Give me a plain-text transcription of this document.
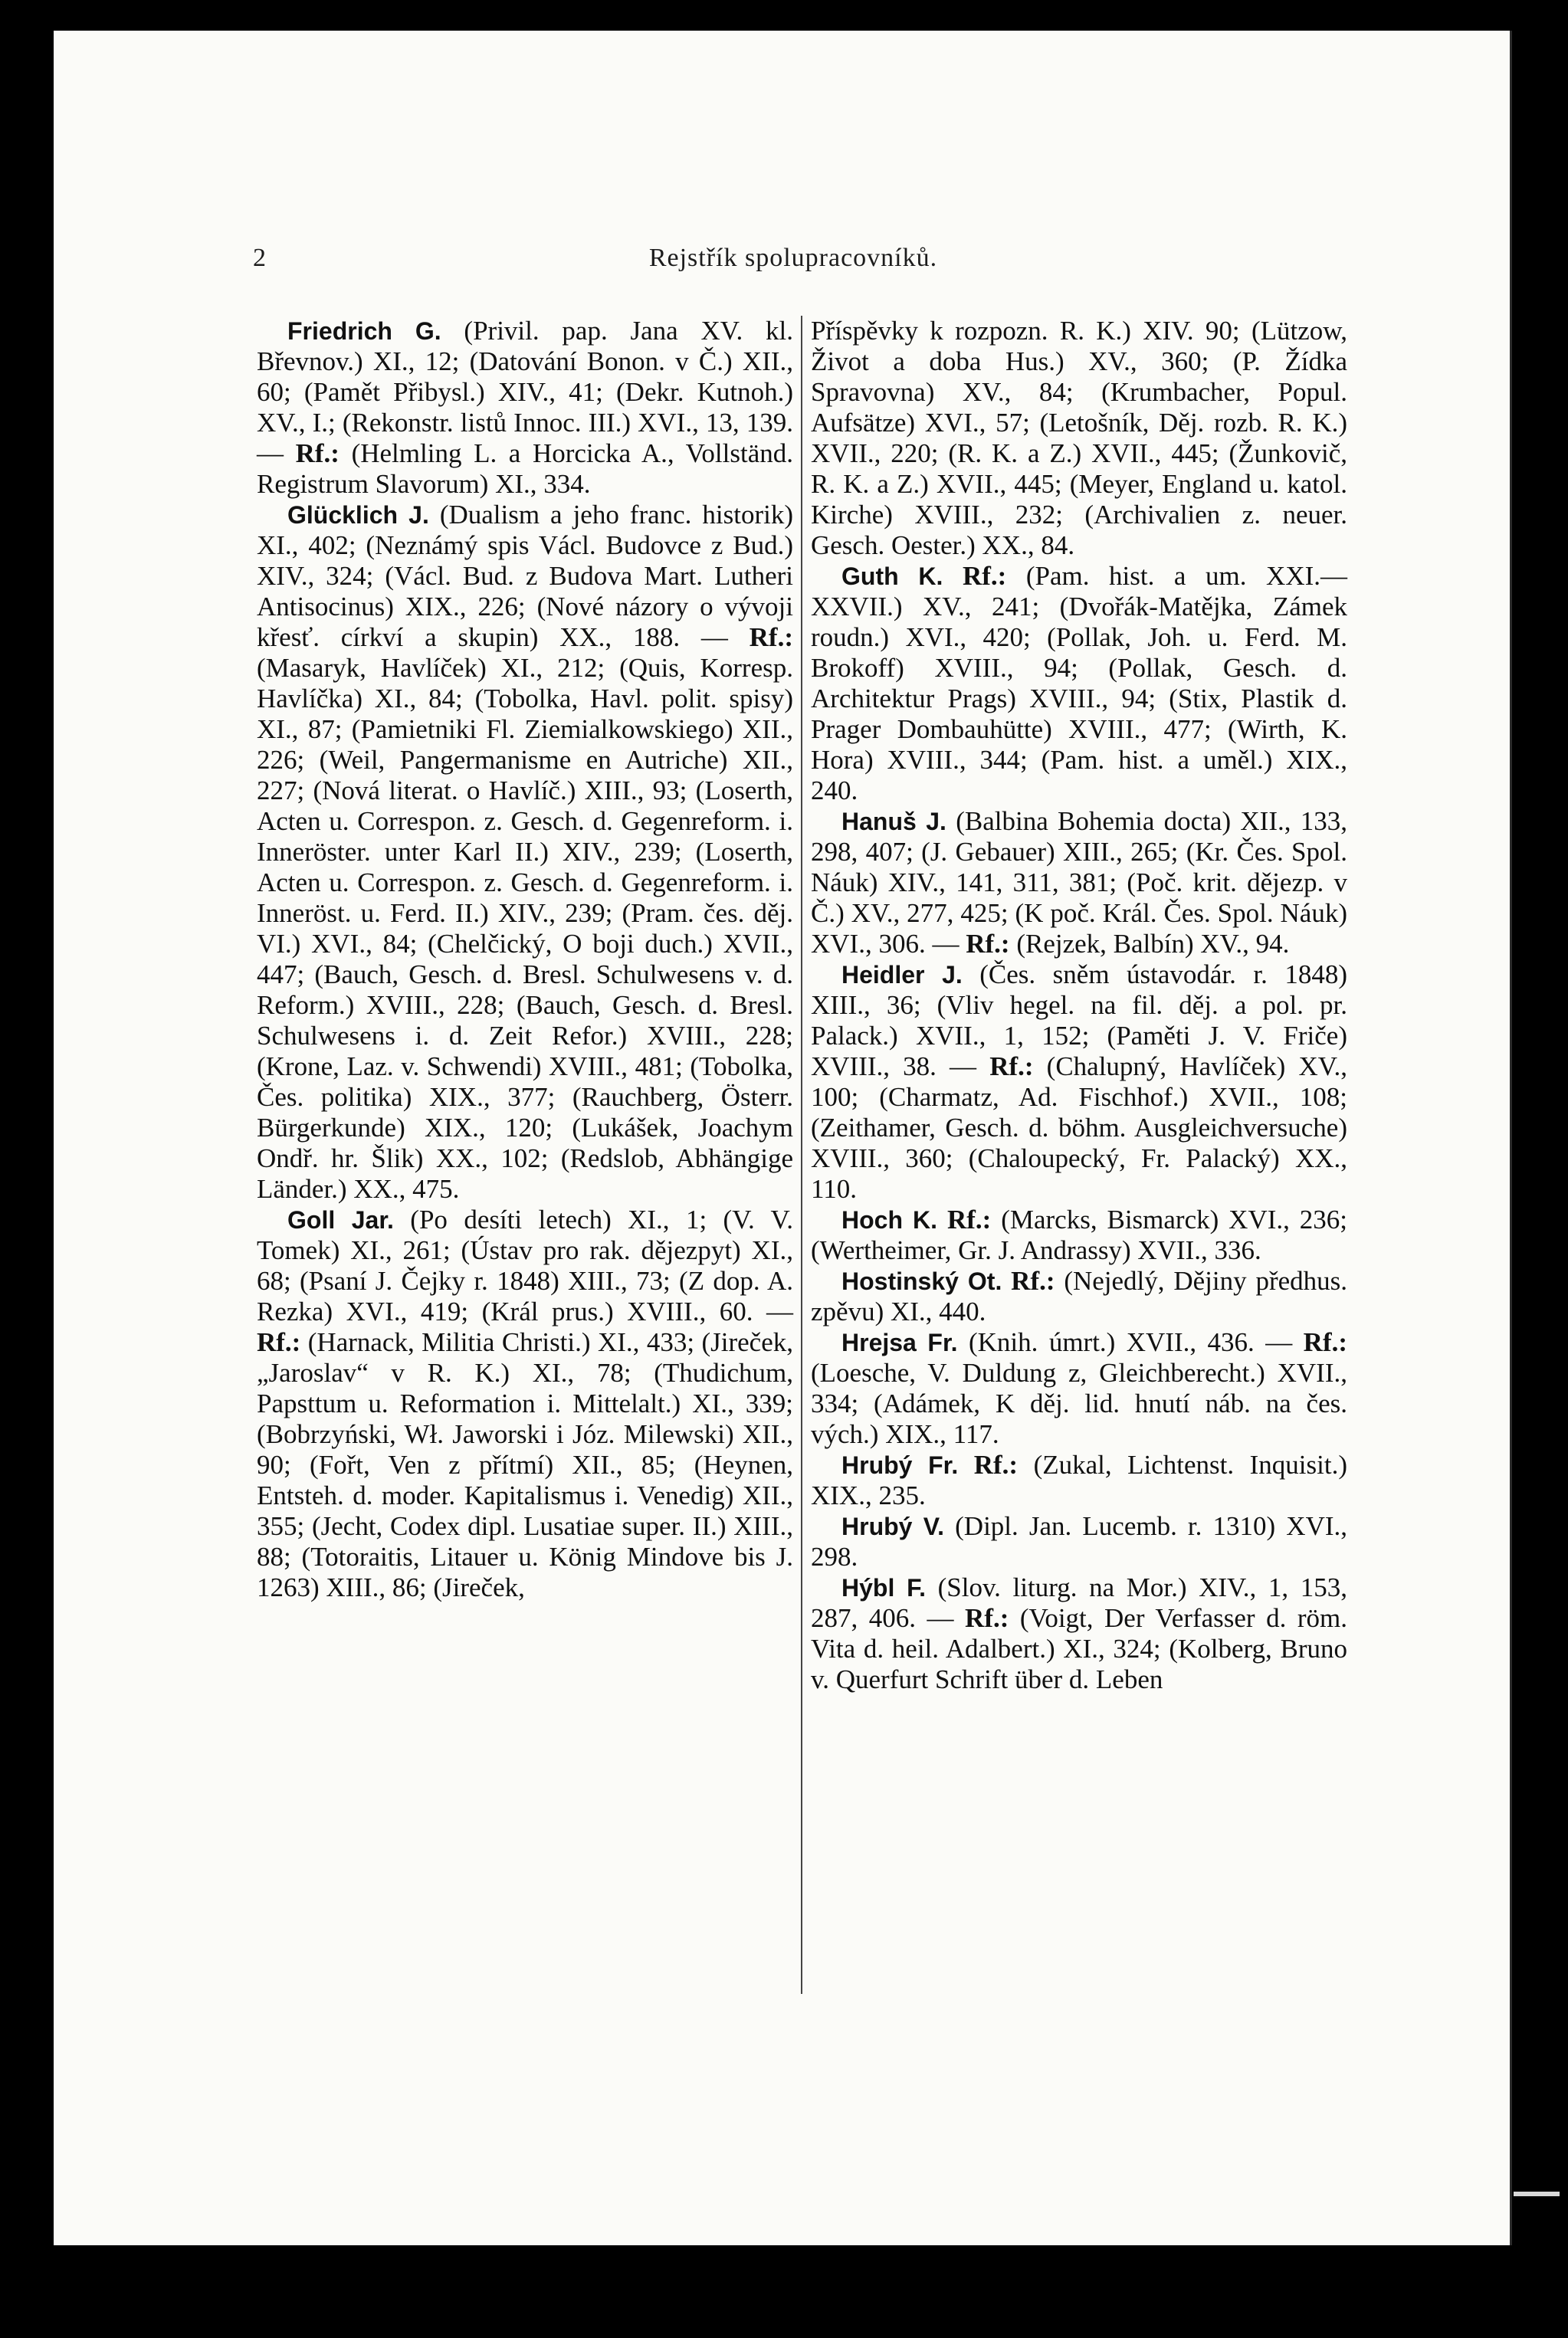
2	Rejstřík spolupracovníků.

Friedrich G. (Privil. pap. Jana XV. kl. Břevnov.) XI., 12; (Datování Bonon. v Č.) XII., 60; (Pamět Přibysl.) XIV., 41; (Dekr. Kutnoh.) XV., I.; (Rekonstr. listů Innoc. III.) XVI., 13, 139. — Rf.: (Helmling L. a Horcicka A., Vollständ. Registrum Slavorum) XI., 334.

Glücklich J. (Dualism a jeho franc. historik) XI., 402; (Neznámý spis Václ. Budovce z Bud.) XIV., 324; (Václ. Bud. z Budova Mart. Lutheri Antisocinus) XIX., 226; (Nové názory o vývoji křesť. církví a skupin) XX., 188. — Rf.: (Masaryk, Havlíček) XI., 212; (Quis, Korresp. Havlíčka) XI., 84; (Tobolka, Havl. polit. spisy) XI., 87; (Pamietniki Fl. Ziemialkowskiego) XII., 226; (Weil, Pangermanisme en Autriche) XII., 227; (Nová literat. o Havlíč.) XIII., 93; (Loserth, Acten u. Correspon. z. Gesch. d. Gegenreform. i. Inneröster. unter Karl II.) XIV., 239; (Loserth, Acten u. Correspon. z. Gesch. d. Gegenreform. i. Inneröst. u. Ferd. II.) XIV., 239; (Pram. čes. děj. VI.) XVI., 84; (Chelčický, O boji duch.) XVII., 447; (Bauch, Gesch. d. Bresl. Schulwesens v. d. Reform.) XVIII., 228; (Bauch, Gesch. d. Bresl. Schulwesens i. d. Zeit Refor.) XVIII., 228; (Krone, Laz. v. Schwendi) XVIII., 481; (Tobolka, Čes. politika) XIX., 377; (Rauchberg, Österr. Bürgerkunde) XIX., 120; (Lukášek, Joachym Ondř. hr. Šlik) XX., 102; (Redslob, Abhängige Länder.) XX., 475.

Goll Jar. (Po desíti letech) XI., 1; (V. V. Tomek) XI., 261; (Ústav pro rak. dějezpyt) XI., 68; (Psaní J. Čejky r. 1848) XIII., 73; (Z dop. A. Rezka) XVI., 419; (Král prus.) XVIII., 60. — Rf.: (Harnack, Militia Christi.) XI., 433; (Jireček, „Jaroslav“ v R. K.) XI., 78; (Thudichum, Papsttum u. Reformation i. Mittelalt.) XI., 339; (Bobrzyński, Wł. Jaworski i Józ. Milewski) XII., 90; (Fořt, Ven z přítmí) XII., 85; (Heynen, Entsteh. d. moder. Kapitalismus i. Venedig) XII., 355; (Jecht, Codex dipl. Lusatiae super. II.) XIII., 88; (Totoraitis, Litauer u. König Mindove bis J. 1263) XIII., 86; (Jireček,

Příspěvky k rozpozn. R. K.) XIV. 90; (Lützow, Život a doba Hus.) XV., 360; (P. Žídka Spravovna) XV., 84; (Krumbacher, Popul. Aufsätze) XVI., 57; (Letošník, Děj. rozb. R. K.) XVII., 220; (R. K. a Z.) XVII., 445; (Žunkovič, R. K. a Z.) XVII., 445; (Meyer, England u. katol. Kirche) XVIII., 232; (Archivalien z. neuer. Gesch. Oester.) XX., 84.

Guth K. Rf.: (Pam. hist. a um. XXI.—XXVII.) XV., 241; (Dvořák-Matějka, Zámek roudn.) XVI., 420; (Pollak, Joh. u. Ferd. M. Brokoff) XVIII., 94; (Pollak, Gesch. d. Architektur Prags) XVIII., 94; (Stix, Plastik d. Prager Dombauhütte) XVIII., 477; (Wirth, K. Hora) XVIII., 344; (Pam. hist. a uměl.) XIX., 240.

Hanuš J. (Balbina Bohemia docta) XII., 133, 298, 407; (J. Gebauer) XIII., 265; (Kr. Čes. Spol. Náuk) XIV., 141, 311, 381; (Poč. krit. dějezp. v Č.) XV., 277, 425; (K poč. Král. Čes. Spol. Náuk) XVI., 306. — Rf.: (Rejzek, Balbín) XV., 94.

Heidler J. (Čes. sněm ústavodár. r. 1848) XIII., 36; (Vliv hegel. na fil. děj. a pol. pr. Palack.) XVII., 1, 152; (Paměti J. V. Friče) XVIII., 38. — Rf.: (Chalupný, Havlíček) XV., 100; (Charmatz, Ad. Fischhof.) XVII., 108; (Zeithamer, Gesch. d. böhm. Ausgleichversuche) XVIII., 360; (Chaloupecký, Fr. Palacký) XX., 110.

Hoch K. Rf.: (Marcks, Bismarck) XVI., 236; (Wertheimer, Gr. J. Andrassy) XVII., 336.

Hostinský Ot. Rf.: (Nejedlý, Dějiny předhus. zpěvu) XI., 440.

Hrejsa Fr. (Knih. úmrt.) XVII., 436. — Rf.: (Loesche, V. Duldung z, Gleichberecht.) XVII., 334; (Adámek, K děj. lid. hnutí náb. na čes. vých.) XIX., 117.

Hrubý Fr. Rf.: (Zukal, Lichtenst. Inquisit.) XIX., 235.

Hrubý V. (Dipl. Jan. Lucemb. r. 1310) XVI., 298.

Hýbl F. (Slov. liturg. na Mor.) XIV., 1, 153, 287, 406. — Rf.: (Voigt, Der Verfasser d. röm. Vita d. heil. Adalbert.) XI., 324; (Kolberg, Bruno v. Querfurt Schrift über d. Leben
